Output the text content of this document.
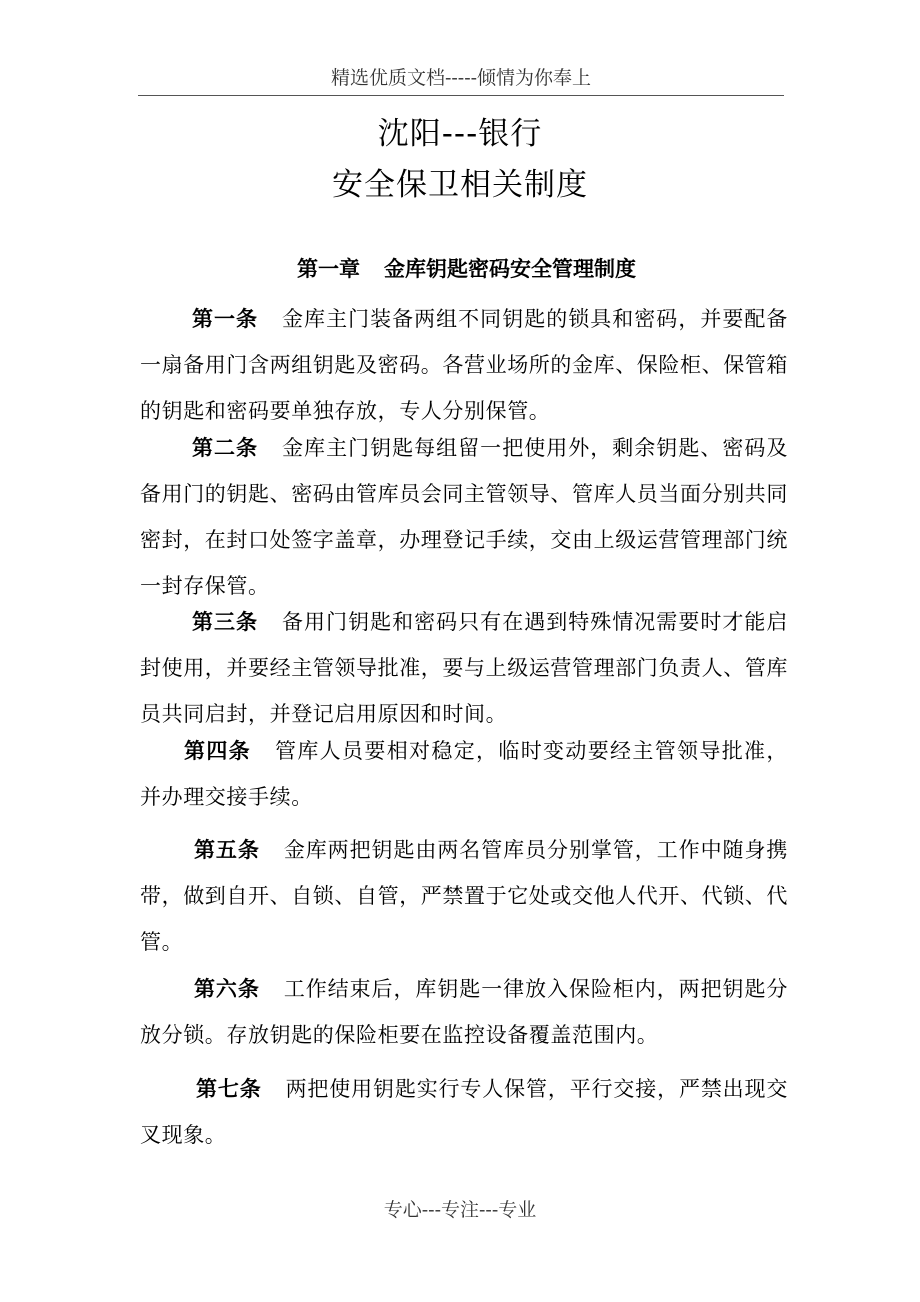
精选优质文档-----倾情为你奉上
沈阳---银行
安全保卫相关制度
第一章 金库钥匙密码安全管理制度
第一条 金库主门装备两组不同钥匙的锁具和密码，并要配备一扇备用门含两组钥匙及密码。各营业场所的金库、保险柜、保管箱的钥匙和密码要单独存放，专人分别保管。
第二条 金库主门钥匙每组留一把使用外，剩余钥匙、密码及备用门的钥匙、密码由管库员会同主管领导、管库人员当面分别共同密封，在封口处签字盖章，办理登记手续，交由上级运营管理部门统一封存保管。
第三条 备用门钥匙和密码只有在遇到特殊情况需要时才能启封使用，并要经主管领导批准，要与上级运营管理部门负责人、管库员共同启封，并登记启用原因和时间。
第四条 管库人员要相对稳定，临时变动要经主管领导批准，并办理交接手续。
第五条 金库两把钥匙由两名管库员分别掌管，工作中随身携带，做到自开、自锁、自管，严禁置于它处或交他人代开、代锁、代管。
第六条 工作结束后，库钥匙一律放入保险柜内，两把钥匙分放分锁。存放钥匙的保险柜要在监控设备覆盖范围内。
第七条 两把使用钥匙实行专人保管，平行交接，严禁出现交叉现象。
专心---专注---专业
